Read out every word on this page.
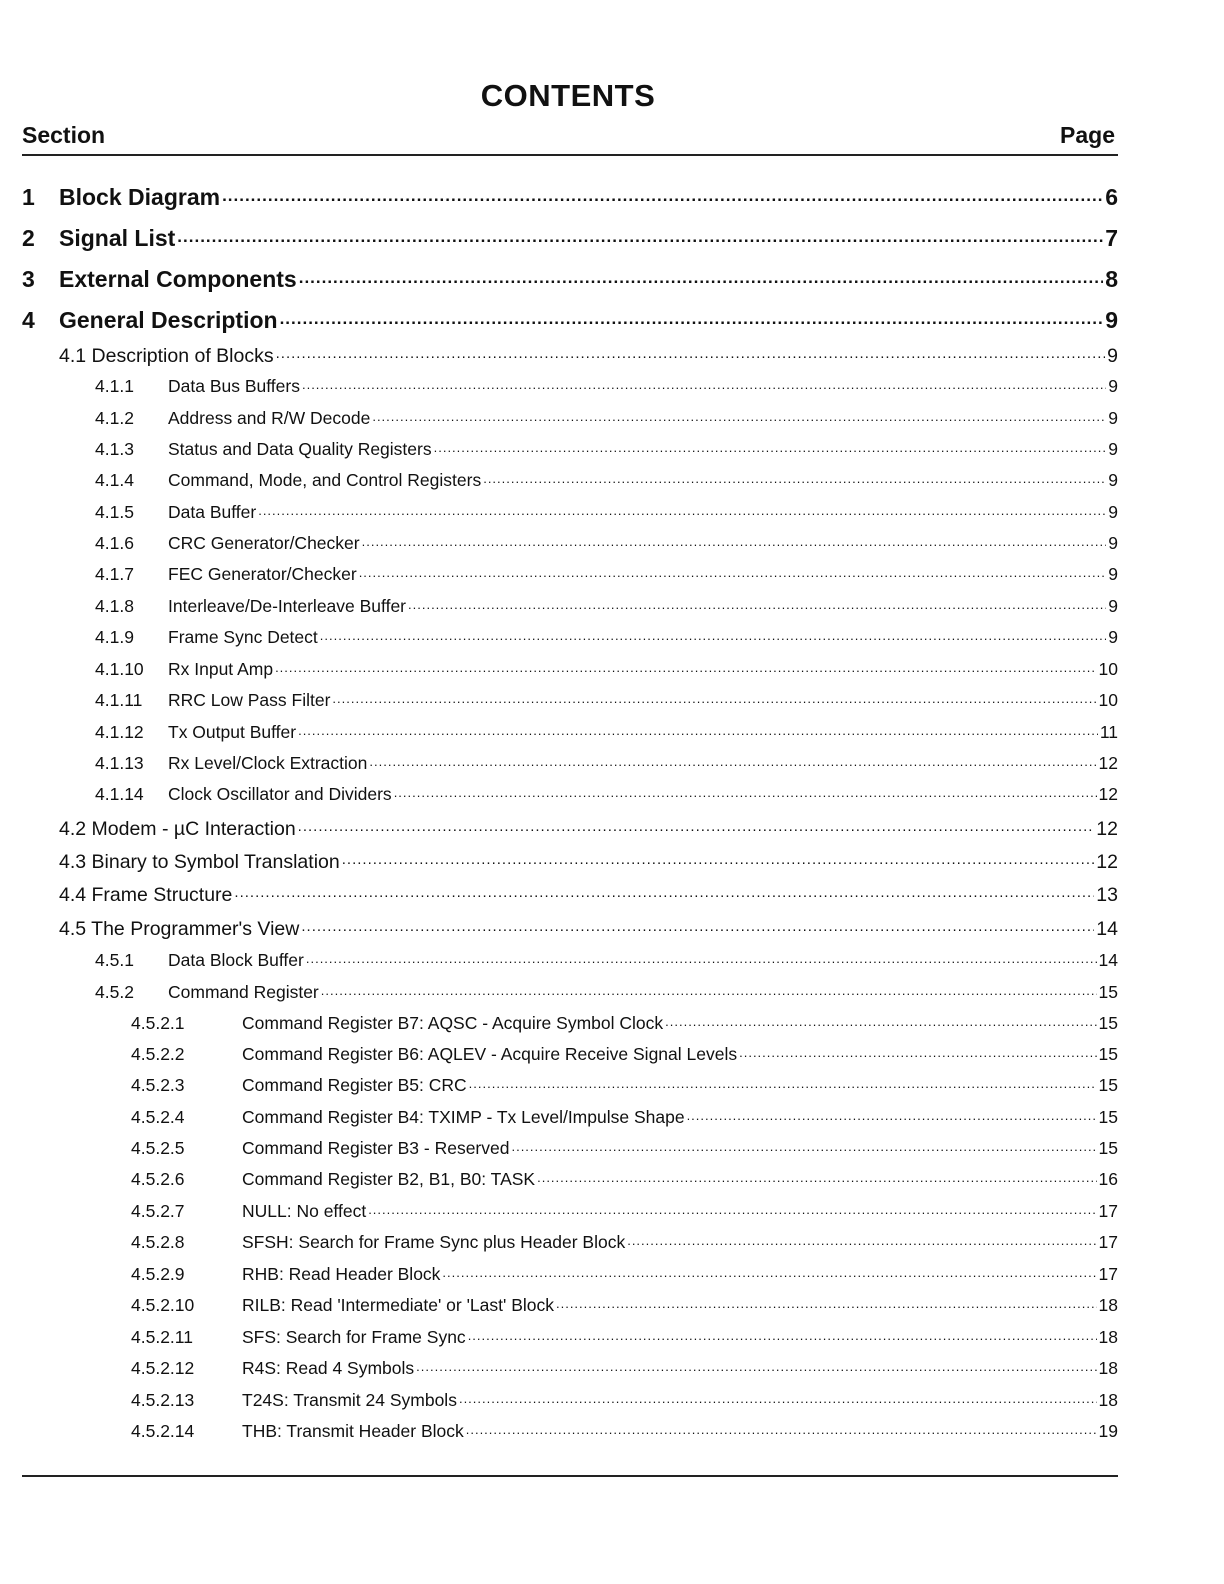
CONTENTS
Section	Page
1	Block Diagram .....	6
2	Signal List .....	7
3	External Components .....	8
4	General Description .....	9
4.1 Description of Blocks .....	9
4.1.1	Data Bus Buffers .....	9
4.1.2	Address and R/W Decode .....	9
4.1.3	Status and Data Quality Registers .....	9
4.1.4	Command, Mode, and Control Registers .....	9
4.1.5	Data Buffer .....	9
4.1.6	CRC Generator/Checker .....	9
4.1.7	FEC Generator/Checker .....	9
4.1.8	Interleave/De-Interleave Buffer .....	9
4.1.9	Frame Sync Detect .....	9
4.1.10	Rx Input Amp .....	10
4.1.11	RRC Low Pass Filter .....	10
4.1.12	Tx Output Buffer .....	11
4.1.13	Rx Level/Clock Extraction .....	12
4.1.14	Clock Oscillator and Dividers .....	12
4.2 Modem - µC Interaction .....	12
4.3 Binary to Symbol Translation .....	12
4.4 Frame Structure .....	13
4.5 The Programmer's View .....	14
4.5.1	Data Block Buffer .....	14
4.5.2	Command Register .....	15
4.5.2.1	Command Register B7: AQSC - Acquire Symbol Clock .....	15
4.5.2.2	Command Register B6: AQLEV - Acquire Receive Signal Levels .....	15
4.5.2.3	Command Register B5: CRC .....	15
4.5.2.4	Command Register B4: TXIMP - Tx Level/Impulse Shape .....	15
4.5.2.5	Command Register B3 - Reserved .....	15
4.5.2.6	Command Register B2, B1, B0: TASK .....	16
4.5.2.7	NULL: No effect .....	17
4.5.2.8	SFSH: Search for Frame Sync plus Header Block .....	17
4.5.2.9	RHB: Read Header Block .....	17
4.5.2.10	RILB: Read 'Intermediate' or 'Last' Block .....	18
4.5.2.11	SFS: Search for Frame Sync .....	18
4.5.2.12	R4S: Read 4 Symbols .....	18
4.5.2.13	T24S: Transmit 24 Symbols .....	18
4.5.2.14	THB: Transmit Header Block .....	19
